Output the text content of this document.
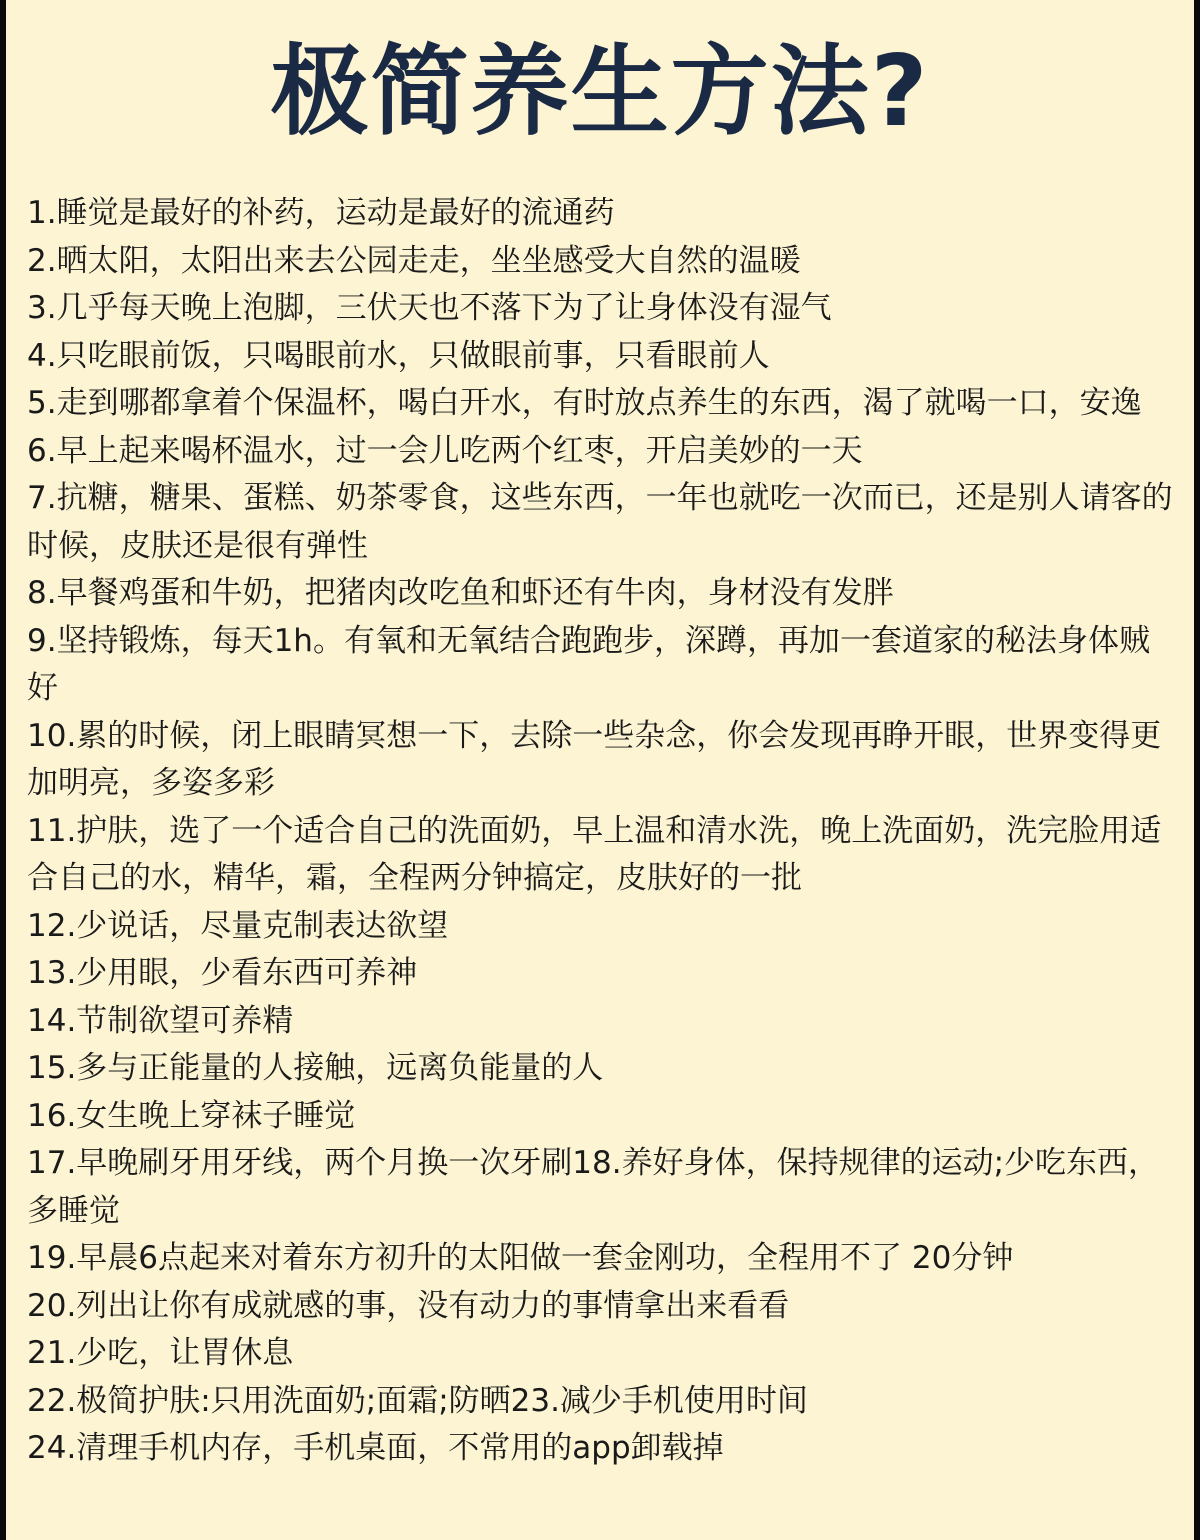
极简养生方法?
1.睡觉是最好的补药，运动是最好的流通药
2.晒太阳，太阳出来去公园走走，坐坐感受大自然的温暖
3.几乎每天晚上泡脚，三伏天也不落下为了让身体没有湿气
4.只吃眼前饭，只喝眼前水，只做眼前事，只看眼前人
5.走到哪都拿着个保温杯，喝白开水，有时放点养生的东西，渴了就喝一口，安逸
6.早上起来喝杯温水，过一会儿吃两个红枣，开启美妙的一天
7.抗糖，糖果、蛋糕、奶茶零食，这些东西，一年也就吃一次而已，还是别人请客的时候，皮肤还是很有弹性
8.早餐鸡蛋和牛奶，把猪肉改吃鱼和虾还有牛肉，身材没有发胖
9.坚持锻炼，每天1h。有氧和无氧结合跑跑步，深蹲，再加一套道家的秘法身体贼好
10.累的时候，闭上眼睛冥想一下，去除一些杂念，你会发现再睁开眼，世界变得更加明亮，多姿多彩
11.护肤，选了一个适合自己的洗面奶，早上温和清水洗，晚上洗面奶，洗完脸用适合自己的水，精华，霜，全程两分钟搞定，皮肤好的一批
12.少说话，尽量克制表达欲望
13.少用眼，少看东西可养神
14.节制欲望可养精
15.多与正能量的人接触，远离负能量的人
16.女生晚上穿袜子睡觉
17.早晚刷牙用牙线，两个月换一次牙刷18.养好身体，保持规律的运动;少吃东西，多睡觉
19.早晨6点起来对着东方初升的太阳做一套金刚功，全程用不了 20分钟
20.列出让你有成就感的事，没有动力的事情拿出来看看
21.少吃，让胃休息
22.极简护肤:只用洗面奶;面霜;防晒23.减少手机使用时间
24.清理手机内存，手机桌面，不常用的app卸载掉
